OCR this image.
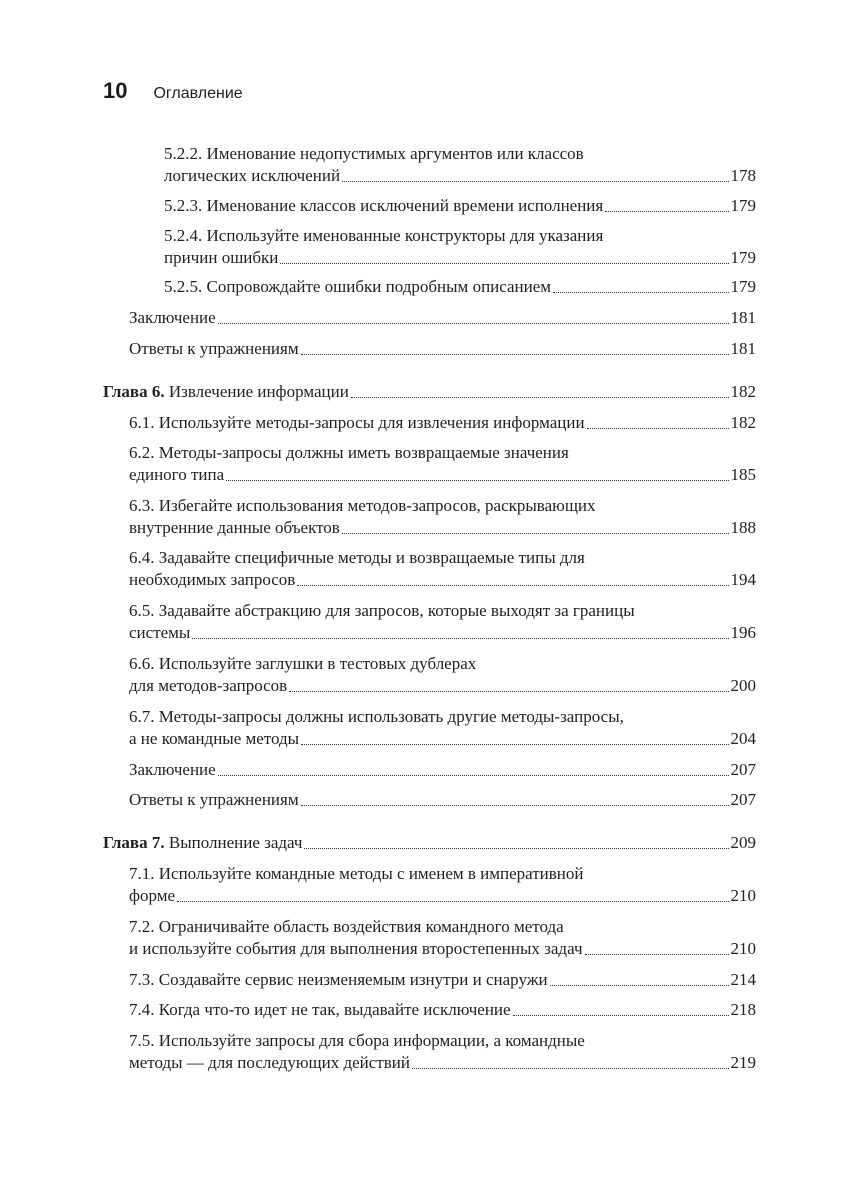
10 Оглавление
5.2.2. Именование недопустимых аргументов или классов
логических исключений	178
5.2.3. Именование классов исключений времени исполнения	179
5.2.4. Используйте именованные конструкторы для указания
причин ошибки	179
5.2.5. Сопровождайте ошибки подробным описанием	179
Заключение	181
Ответы к упражнениям	181
Глава 6.
Извлечение информации	182
6.1. Используйте методы-запросы для извлечения информации	182
6.2. Методы-запросы должны иметь возвращаемые значения
единого типа	185
6.3. Избегайте использования методов-запросов, раскрывающих
внутренние данные объектов	188
6.4. Задавайте специфичные методы и возвращаемые типы для
необходимых запросов	194
6.5. Задавайте абстракцию для запросов, которые выходят за границы
системы	196
6.6. Используйте заглушки в тестовых дублерах
для методов-запросов	200
6.7. Методы-запросы должны использовать другие методы-запросы,
а не командные методы	204
Заключение	207
Ответы к упражнениям	207
Глава 7.
Выполнение задач	209
7.1. Используйте командные методы с именем в императивной
форме	210
7.2. Ограничивайте область воздействия командного метода
и используйте события для выполнения второстепенных задач	210
7.3. Создавайте сервис неизменяемым изнутри и снаружи	214
7.4. Когда что-то идет не так, выдавайте исключение	218
7.5. Используйте запросы для сбора информации, а командные
методы — для последующих действий	219
